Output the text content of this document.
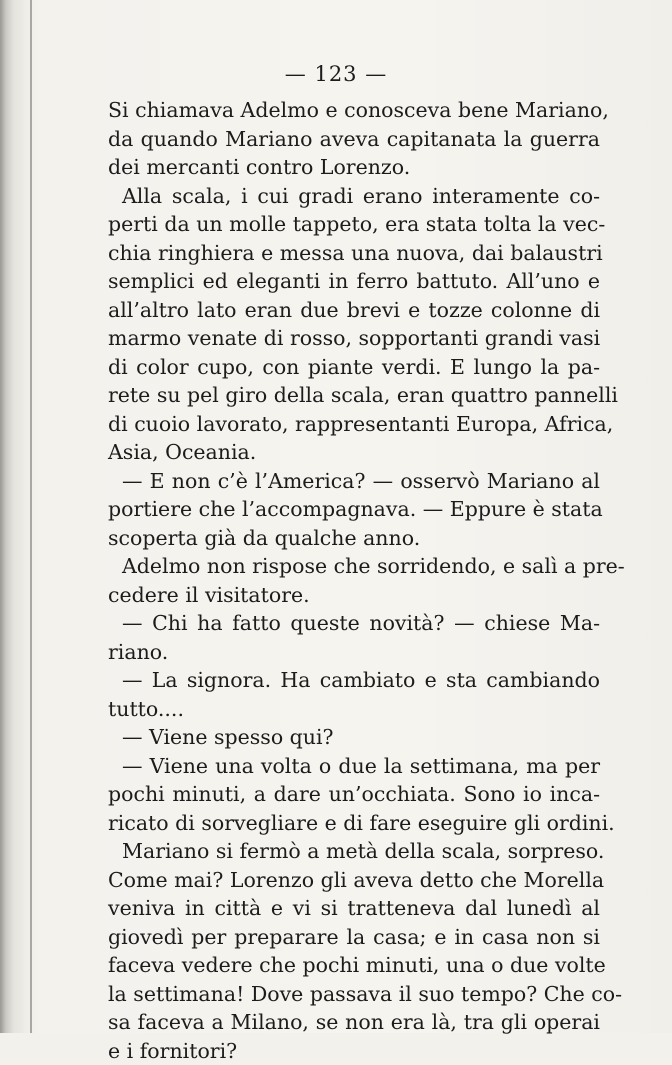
— 123 —
Si chiamava Adelmo e conosceva bene Mariano,
da quando Mariano aveva capitanata la guerra
dei mercanti contro Lorenzo.
Alla scala, i cui gradi erano interamente co-
perti da un molle tappeto, era stata tolta la vec-
chia ringhiera e messa una nuova, dai balaustri
semplici ed eleganti in ferro battuto. All’uno e
all’altro lato eran due brevi e tozze colonne di
marmo venate di rosso, sopportanti grandi vasi
di color cupo, con piante verdi. E lungo la pa-
rete su pel giro della scala, eran quattro pannelli
di cuoio lavorato, rappresentanti Europa, Africa,
Asia, Oceania.
— E non c’è l’America? — osservò Mariano al
portiere che l’accompagnava. — Eppure è stata
scoperta già da qualche anno.
Adelmo non rispose che sorridendo, e salì a pre-
cedere il visitatore.
— Chi ha fatto queste novità? — chiese Ma-
riano.
— La signora. Ha cambiato e sta cambiando
tutto....
— Viene spesso qui?
— Viene una volta o due la settimana, ma per
pochi minuti, a dare un’occhiata. Sono io inca-
ricato di sorvegliare e di fare eseguire gli ordini.
Mariano si fermò a metà della scala, sorpreso.
Come mai? Lorenzo gli aveva detto che Morella
veniva in città e vi si tratteneva dal lunedì al
giovedì per preparare la casa; e in casa non si
faceva vedere che pochi minuti, una o due volte
la settimana! Dove passava il suo tempo? Che co-
sa faceva a Milano, se non era là, tra gli operai
e i fornitori?
